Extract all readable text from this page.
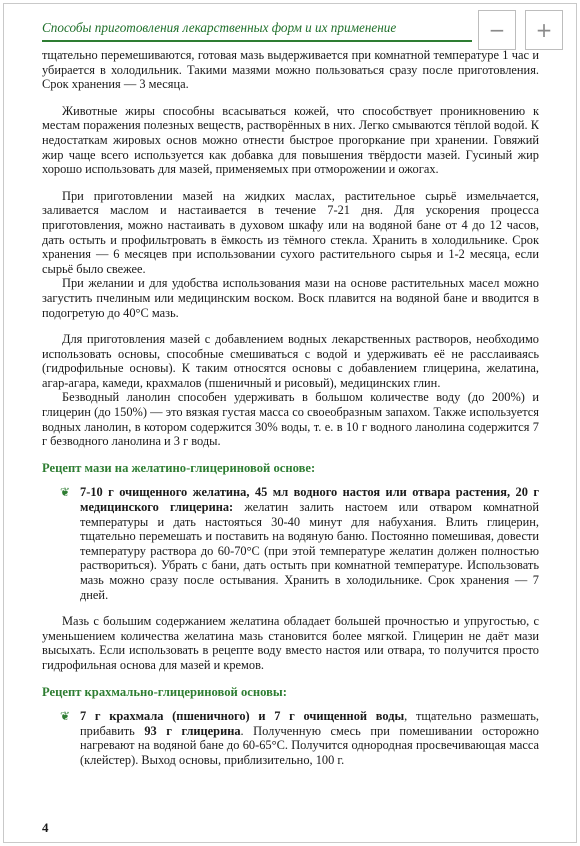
Способы приготовления лекарственных форм и их применение	− +

тщательно перемешиваются, готовая мазь выдерживается при комнатной температуре 1 час и убирается в холодильник. Такими мазями можно пользоваться сразу после приготовления. Срок хранения — 3 месяца.

Животные жиры способны всасываться кожей, что способствует проникновению к местам поражения полезных веществ, растворённых в них. Легко смываются тёплой водой. К недостаткам жировых основ можно отнести быстрое прогоркание при хранении. Говяжий жир чаще всего используется как добавка для повышения твёрдости мазей. Гусиный жир хорошо использовать для мазей, применяемых при отморожении и ожогах.

При приготовлении мазей на жидких маслах, растительное сырьё измельчается, заливается маслом и настаивается в течение 7-21 дня. Для ускорения процесса приготовления, можно настаивать в духовом шкафу или на водяной бане от 4 до 12 часов, дать остыть и профильтровать в ёмкость из тёмного стекла. Хранить в холодильнике. Срок хранения — 6 месяцев при использовании сухого растительного сырья и 1-2 месяца, если сырьё было свежее.

При желании и для удобства использования мази на основе растительных масел можно загустить пчелиным или медицинским воском. Воск плавится на водяной бане и вводится в подогретую до 40°С мазь.

Для приготовления мазей с добавлением водных лекарственных растворов, необходимо использовать основы, способные смешиваться с водой и удерживать её не расслаиваясь (гидрофильные основы). К таким относятся основы с добавлением глицерина, желатина, агар-агара, камеди, крахмалов (пшеничный и рисовый), медицинских глин.

Безводный ланолин способен удерживать в большом количестве воду (до 200%) и глицерин (до 150%) — это вязкая густая масса со своеобразным запахом. Также используется водных ланолин, в котором содержится 30% воды, т. е. в 10 г водного ланолина содержится 7 г безводного ланолина и 3 г воды.

Рецепт мази на желатино-глицериновой основе:

❦ 7-10 г очищенного желатина, 45 мл водного настоя или отвара растения, 20 г медицинского глицерина: желатин залить настоем или отваром комнатной температуры и дать настояться 30-40 минут для набухания. Влить глицерин, тщательно перемешать и поставить на водяную баню. Постоянно помешивая, довести температуру раствора до 60-70°С (при этой температуре желатин должен полностью раствориться). Убрать с бани, дать остыть при комнатной температуре. Использовать мазь можно сразу после остывания. Хранить в холодильнике. Срок хранения — 7 дней.

Мазь с большим содержанием желатина обладает большей прочностью и упругостью, с уменьшением количества желатина мазь становится более мягкой. Глицерин не даёт мази высыхать. Если использовать в рецепте воду вместо настоя или отвара, то получится просто гидрофильная основа для мазей и кремов.

Рецепт крахмально-глицериновой основы:

❦ 7 г крахмала (пшеничного) и 7 г очищенной воды, тщательно размешать, прибавить 93 г глицерина. Полученную смесь при помешивании осторожно нагревают на водяной бане до 60-65°С. Получится однородная просвечивающая масса (клейстер). Выход основы, приблизительно, 100 г.
4
